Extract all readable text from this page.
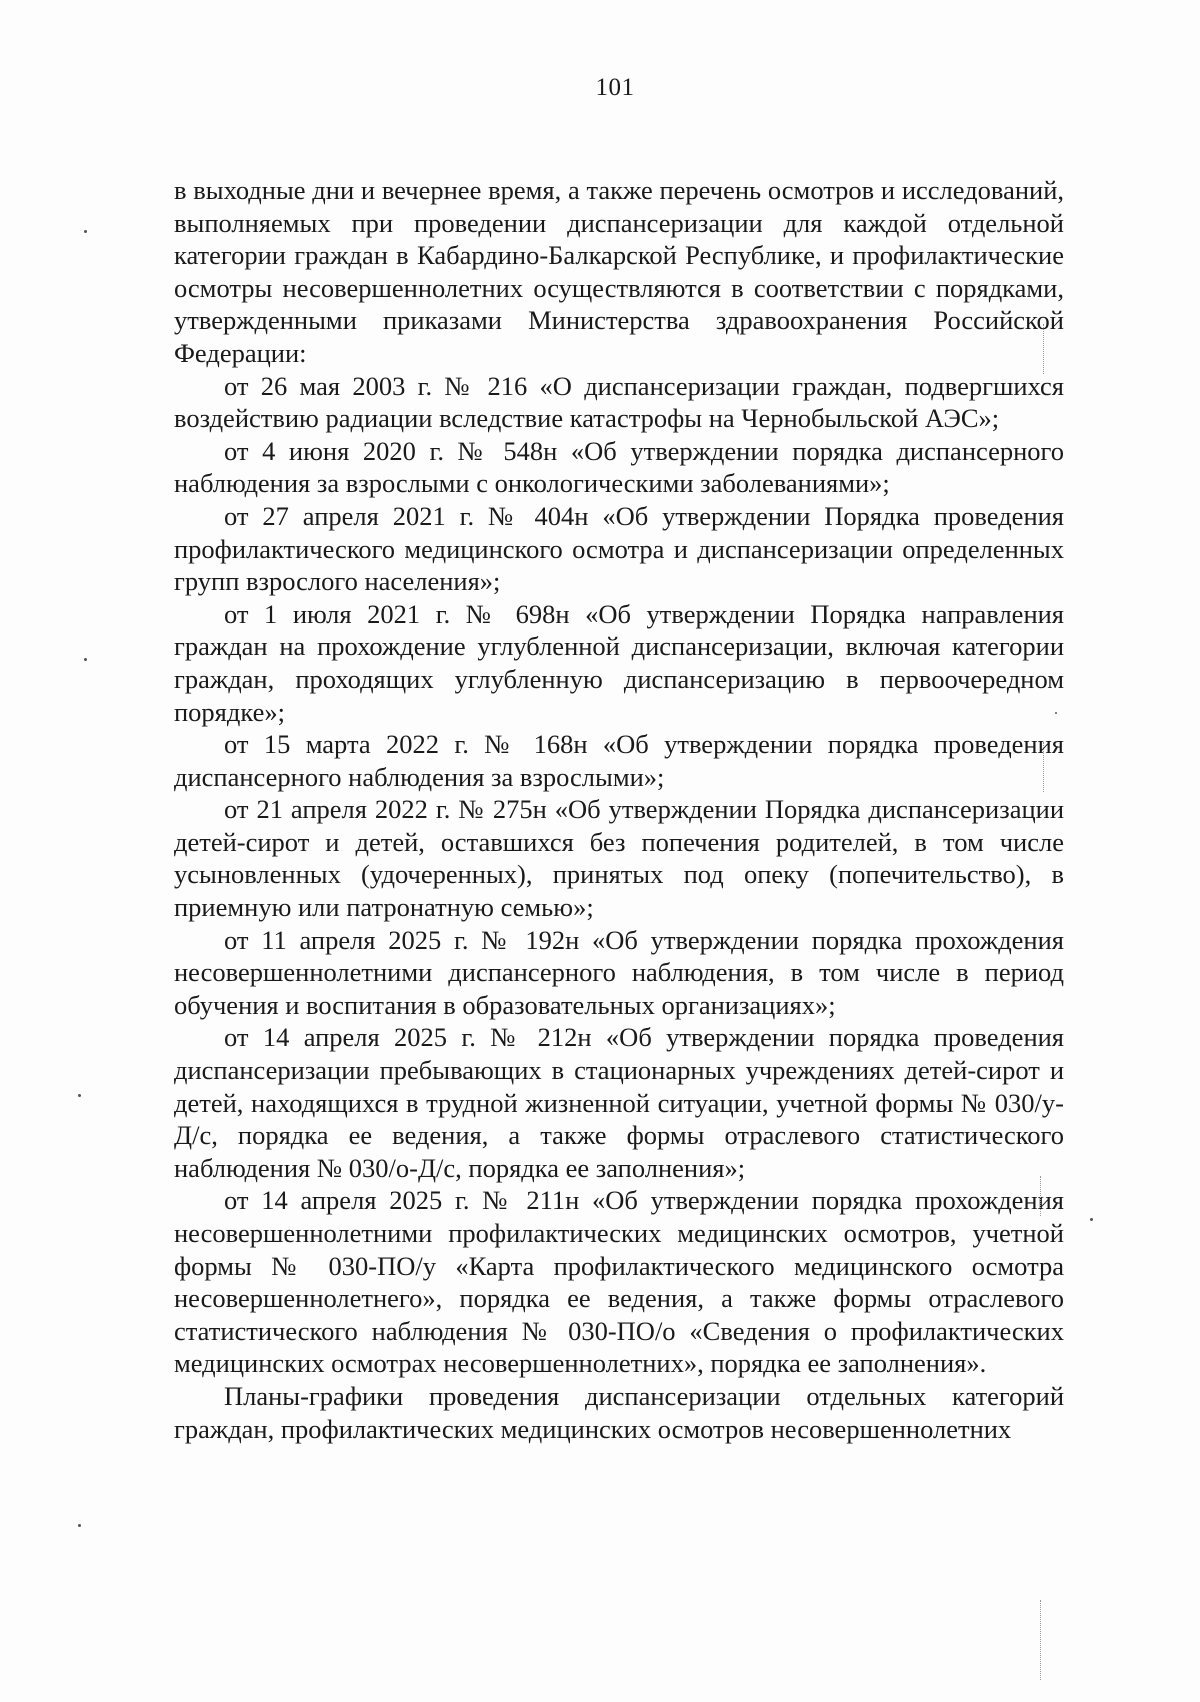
101

в выходные дни и вечернее время, а также перечень осмотров и исследований, выполняемых при проведении диспансеризации для каждой отдельной категории граждан в Кабардино-Балкарской Республике, и профилактические осмотры несовершеннолетних осуществляются в соответствии с порядками, утвержденными приказами Министерства здравоохранения Российской Федерации:

от 26 мая 2003 г. № 216 «О диспансеризации граждан, подвергшихся воздействию радиации вследствие катастрофы на Чернобыльской АЭС»;

от 4 июня 2020 г. № 548н «Об утверждении порядка диспансерного наблюдения за взрослыми с онкологическими заболеваниями»;

от 27 апреля 2021 г. № 404н «Об утверждении Порядка проведения профилактического медицинского осмотра и диспансеризации определенных групп взрослого населения»;

от 1 июля 2021 г. № 698н «Об утверждении Порядка направления граждан на прохождение углубленной диспансеризации, включая категории граждан, проходящих углубленную диспансеризацию в первоочередном порядке»;

от 15 марта 2022 г. № 168н «Об утверждении порядка проведения диспансерного наблюдения за взрослыми»;

от 21 апреля 2022 г. № 275н «Об утверждении Порядка диспансеризации детей-сирот и детей, оставшихся без попечения родителей, в том числе усыновленных (удочеренных), принятых под опеку (попечительство), в приемную или патронатную семью»;

от 11 апреля 2025 г. № 192н «Об утверждении порядка прохождения несовершеннолетними диспансерного наблюдения, в том числе в период обучения и воспитания в образовательных организациях»;

от 14 апреля 2025 г. № 212н «Об утверждении порядка проведения диспансеризации пребывающих в стационарных учреждениях детей-сирот и детей, находящихся в трудной жизненной ситуации, учетной формы № 030/у-Д/с, порядка ее ведения, а также формы отраслевого статистического наблюдения № 030/о-Д/с, порядка ее заполнения»;

от 14 апреля 2025 г. № 211н «Об утверждении порядка прохождения несовершеннолетними профилактических медицинских осмотров, учетной формы № 030-ПО/у «Карта профилактического медицинского осмотра несовершеннолетнего», порядка ее ведения, а также формы отраслевого статистического наблюдения № 030-ПО/о «Сведения о профилактических медицинских осмотрах несовершеннолетних», порядка ее заполнения».

Планы-графики проведения диспансеризации отдельных категорий граждан, профилактических медицинских осмотров несовершеннолетних
